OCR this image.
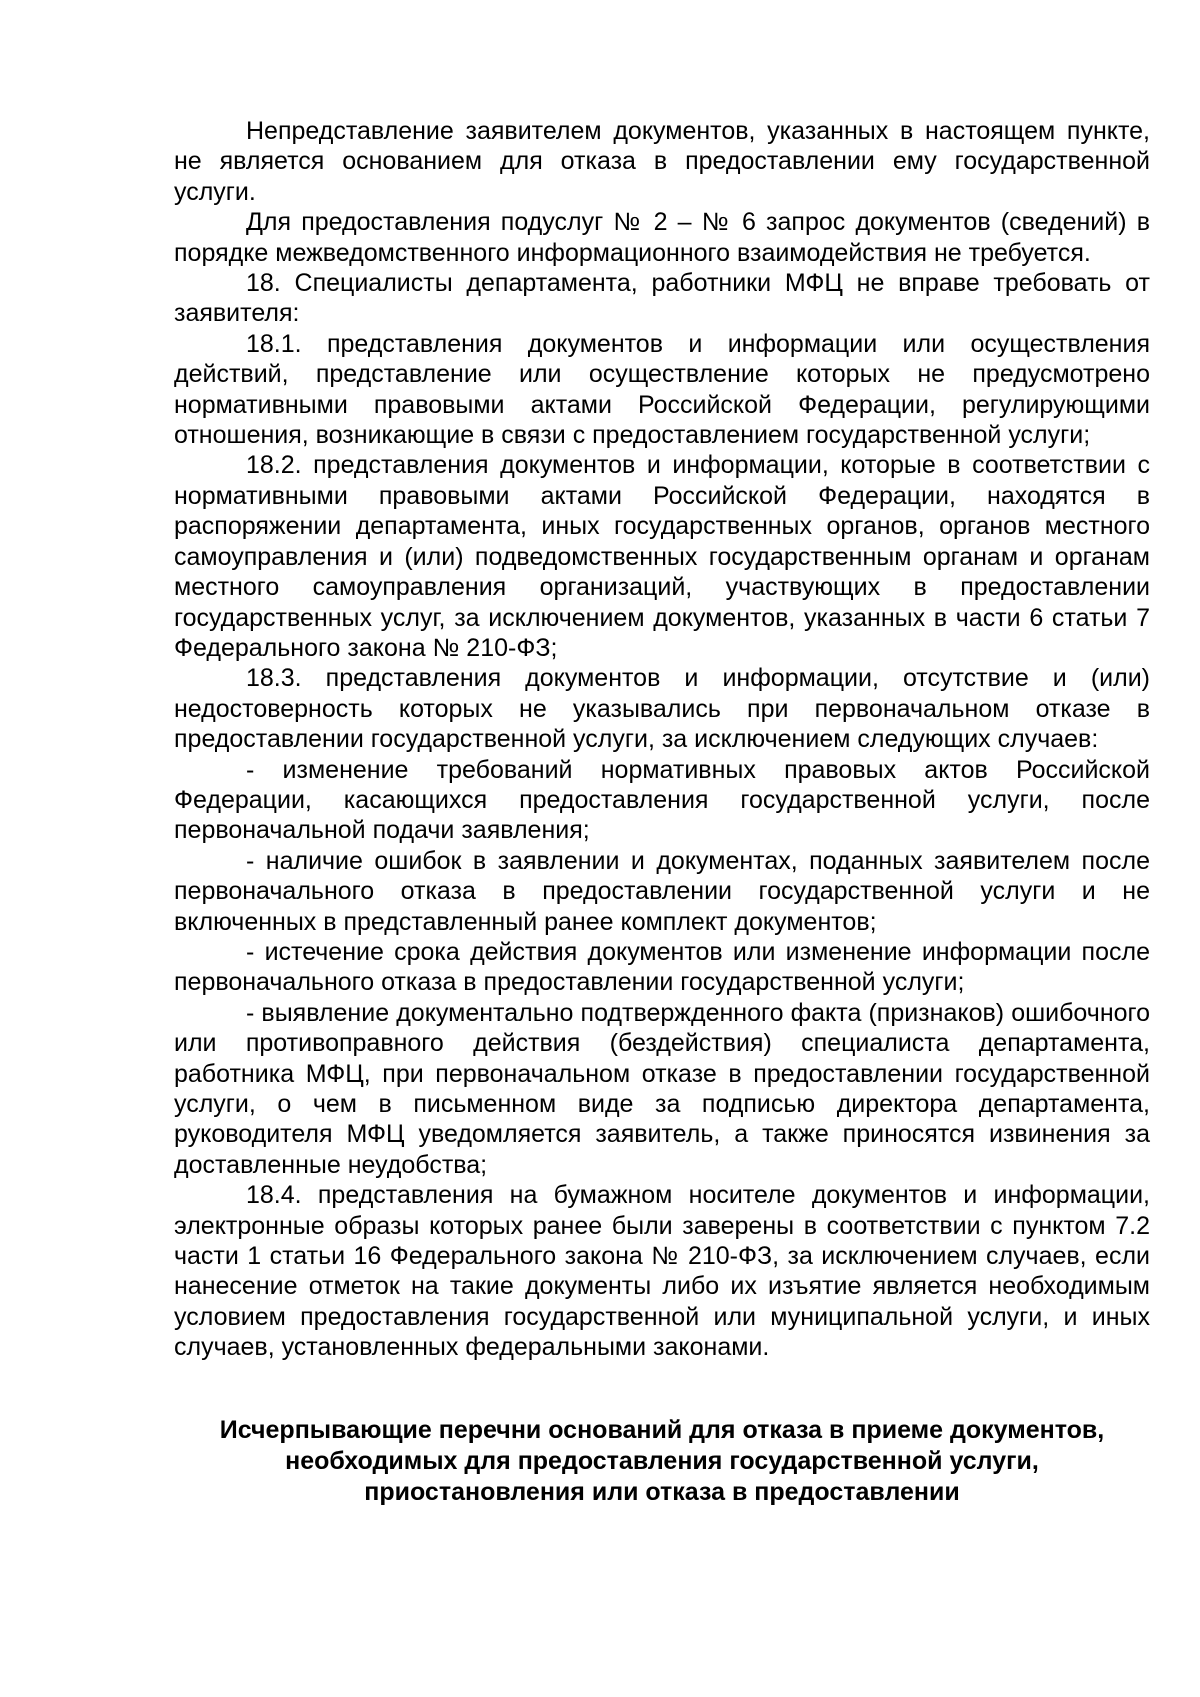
Непредставление заявителем документов, указанных в настоящем пункте, не является основанием для отказа в предоставлении ему государственной услуги.

Для предоставления подуслуг № 2 – № 6 запрос документов (сведений) в порядке межведомственного информационного взаимодействия не требуется.

18. Специалисты департамента, работники МФЦ не вправе требовать от заявителя:

18.1. представления документов и информации или осуществления действий, представление или осуществление которых не предусмотрено нормативными правовыми актами Российской Федерации, регулирующими отношения, возникающие в связи с предоставлением государственной услуги;

18.2. представления документов и информации, которые в соответствии с нормативными правовыми актами Российской Федерации, находятся в распоряжении департамента, иных государственных органов, органов местного самоуправления и (или) подведомственных государственным органам и органам местного самоуправления организаций, участвующих в предоставлении государственных услуг, за исключением документов, указанных в части 6 статьи 7 Федерального закона № 210-ФЗ;

18.3. представления документов и информации, отсутствие и (или) недостоверность которых не указывались при первоначальном отказе в предоставлении государственной услуги, за исключением следующих случаев:

- изменение требований нормативных правовых актов Российской Федерации, касающихся предоставления государственной услуги, после первоначальной подачи заявления;

- наличие ошибок в заявлении и документах, поданных заявителем после первоначального отказа в предоставлении государственной услуги и не включенных в представленный ранее комплект документов;

- истечение срока действия документов или изменение информации после первоначального отказа в предоставлении государственной услуги;

- выявление документально подтвержденного факта (признаков) ошибочного или противоправного действия (бездействия) специалиста департамента, работника МФЦ, при первоначальном отказе в предоставлении государственной услуги, о чем в письменном виде за подписью директора департамента, руководителя МФЦ уведомляется заявитель, а также приносятся извинения за доставленные неудобства;

18.4. представления на бумажном носителе документов и информации, электронные образы которых ранее были заверены в соответствии с пунктом 7.2 части 1 статьи 16 Федерального закона № 210-ФЗ, за исключением случаев, если нанесение отметок на такие документы либо их изъятие является необходимым условием предоставления государственной или муниципальной услуги, и иных случаев, установленных федеральными законами.

Исчерпывающие перечни оснований для отказа в приеме документов, необходимых для предоставления государственной услуги, приостановления или отказа в предоставлении
